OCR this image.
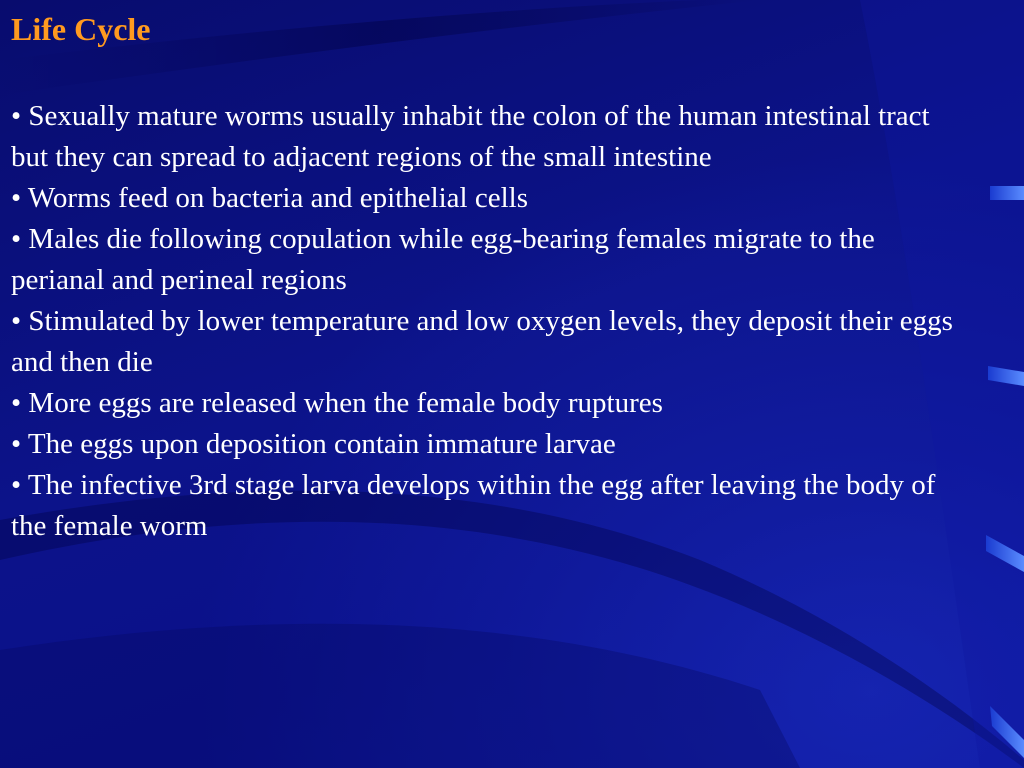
Life Cycle
• Sexually mature worms usually inhabit the colon of the human intestinal tract but they can spread to adjacent regions of the small intestine
• Worms feed on bacteria and epithelial cells
• Males die following copulation while egg-bearing females migrate to the perianal and perineal regions
• Stimulated by lower temperature and low oxygen levels, they deposit their eggs and then die
• More eggs are released when the female body ruptures
• The eggs upon deposition contain immature larvae
• The infective 3rd stage larva develops within the egg after leaving the body of the female worm
